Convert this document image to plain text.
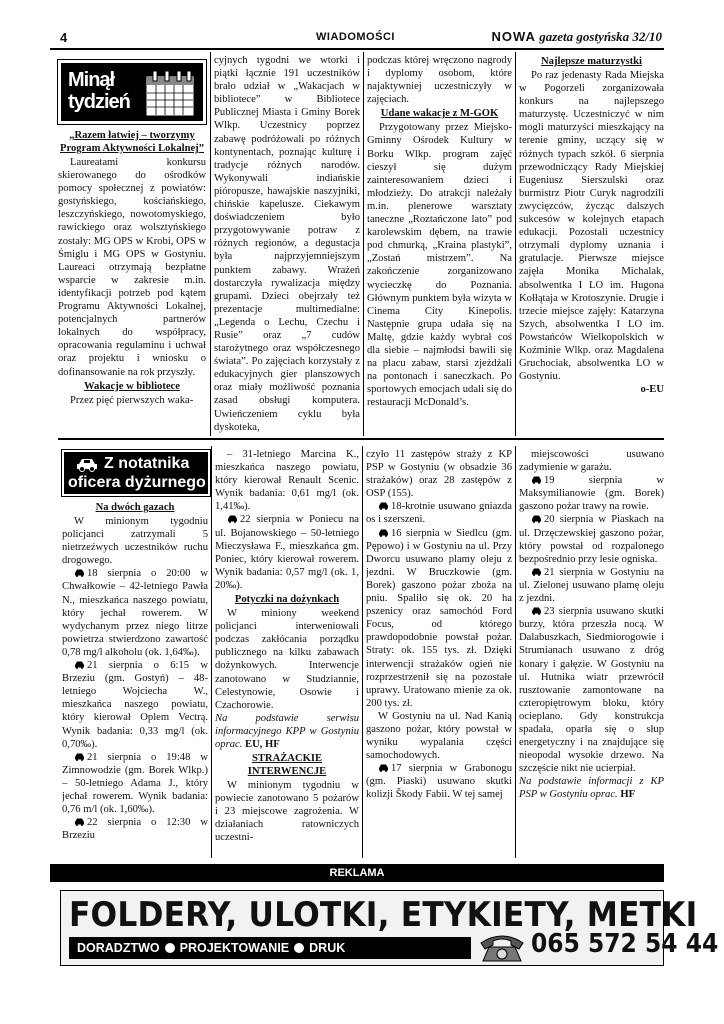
4	WIADOMOŚCI	NOWA gazeta gostyńska 32/10
Minął tydzień
„Razem łatwiej – tworzymy Program Aktywności Lokalnej”

Laureatami konkursu skierowanego do ośrodków pomocy społecznej z powiatów: gostyńskiego, kościańskiego, leszczyńskiego, nowotomyskiego, rawickiego oraz wolsztyńskiego zostały: MG OPS w Krobi, OPS w Śmiglu i MG OPS w Gostyniu. Laureaci otrzymają bezpłatne wsparcie w zakresie m.in. identyfikacji potrzeb pod kątem Programu Aktywności Lokalnej, potencjalnych partnerów lokalnych do współpracy, opracowania regulaminu i uchwał oraz projektu i wniosku o dofinansowanie na rok przyszły.

Wakacje w bibliotece

Przez pięć pierwszych waka-

cyjnych tygodni we wtorki i piątki łącznie 191 uczestników brało udział w „Wakacjach w bibliotece” w Bibliotece Publicznej Miasta i Gminy Borek Wlkp. Uczestnicy poprzez zabawę podróżowali po różnych kontynentach, poznając kulturę i tradycje różnych narodów. Wykonywali indiańskie pióropusze, hawajskie naszyjniki, chińskie kapelusze. Ciekawym doświadczeniem było przygotowywanie potraw z różnych regionów, a degustacja była najprzyjemniejszym punktem zabawy. Wrażeń dostarczyła rywalizacja między grupami. Dzieci obejrzały też prezentacje multimedialne: „Legenda o Lechu, Czechu i Rusie” oraz „7 cudów starożytnego oraz współczesnego świata”. Po zajęciach korzystały z edukacyjnych gier planszowych oraz miały możliwość poznania zasad obsługi komputera. Uwieńczeniem cyklu była dyskoteka,

podczas której wręczono nagrody i dyplomy osobom, które najaktywniej uczestniczyły w zajęciach.

Udane wakacje z M-GOK

Przygotowany przez Miejsko-Gminny Ośrodek Kultury w Borku Wlkp. program zajęć cieszył się dużym zainteresowaniem dzieci i młodzieży. Do atrakcji należały m.in. plenerowe warsztaty taneczne „Roztańczone lato” pod karolewskim dębem, na trawie pod chmurką, „Kraina plastyki”, „Zostań mistrzem”. Na zakończenie zorganizowano wycieczkę do Poznania. Głównym punktem była wizyta w Cinema City Kinepolis. Następnie grupa udała się na Maltę, gdzie każdy wybrał coś dla siebie – najmłodsi bawili się na placu zabaw, starsi zjeżdżali na pontonach i saneczkach. Po sportowych emocjach udali się do restauracji McDonald’s.

Najlepsze maturzystki

Po raz jedenasty Rada Miejska w Pogorzeli zorganizowała konkurs na najlepszego maturzystę. Uczestniczyć w nim mogli maturzyści mieszkający na terenie gminy, uczący się w różnych typach szkół. 6 sierpnia przewodniczący Rady Miejskiej Eugeniusz Sierszulski oraz burmistrz Piotr Curyk nagrodzili zwycięzców, życząc dalszych sukcesów w kolejnych etapach edukacji. Pozostali uczestnicy otrzymali dyplomy uznania i gratulacje. Pierwsze miejsce zajęła Monika Michalak, absolwentka I LO im. Hugona Kołłątaja w Krotoszynie. Drugie i trzecie miejsce zajęły: Katarzyna Szych, absolwentka I LO im. Powstańców Wielkopolskich w Koźminie Wlkp. oraz Magdalena Gruchociak, absolwentka LO w Gostyniu.

o-EU
Z notatnika
oficera dyżurnego
Na dwóch gazach

W minionym tygodniu policjanci zatrzymali 5 nietrzeźwych uczestników ruchu drogowego.

18 sierpnia o 20:00 w Chwałkowie – 42-letniego Pawła N., mieszkańca naszego powiatu, który jechał rowerem. W wydychanym przez niego litrze powietrza stwierdzono zawartość 0,78 mg/l alkoholu (ok. 1,64‰).

21 sierpnia o 6:15 w Brzeziu (gm. Gostyń) – 48-letniego Wojciecha W., mieszkańca naszego powiatu, który kierował Oplem Vectrą. Wynik badania: 0,33 mg/l (ok. 0,70‰).

21 sierpnia o 19:48 w Zimnowodzie (gm. Borek Wlkp.) – 50-letniego Adama J., który jechał rowerem. Wynik badania: 0,76 m/l (ok. 1,60‰).

22 sierpnia o 12:30 w Brzeziu

– 31-letniego Marcina K., mieszkańca naszego powiatu, który kierował Renault Scenic. Wynik badania: 0,61 mg/l (ok. 1,41‰).

22 sierpnia w Poniecu na ul. Bojanowskiego – 50-letniego Mieczysława F., mieszkańca gm. Poniec, który kierował rowerem. Wynik badania: 0,57 mg/l (ok. 1, 20‰).

Potyczki na dożynkach

W miniony weekend policjanci interweniowali podczas zakłócania porządku publicznego na kilku zabawach dożynkowych. Interwencje zanotowano w Studziannie, Celestynowie, Osowie i Czachorowie.

Na podstawie serwisu informacyjnego KPP w Gostyniu oprac. EU, HF

STRAŻACKIE INTERWENCJE

W minionym tygodniu w powiecie zanotowano 5 pożarów i 23 miejscowe zagrożenia. W działaniach ratowniczych uczestni-

czyło 11 zastępów straży z KP PSP w Gostyniu (w obsadzie 36 strażaków) oraz 28 zastępów z OSP (155).

18-krotnie usuwano gniazda os i szerszeni.

16 sierpnia w Siedlcu (gm. Pępowo) i w Gostyniu na ul. Przy Dworcu usuwano plamy oleju z jezdni. W Bruczkowie (gm. Borek) gaszono pożar zboża na pniu. Spaliło się ok. 20 ha pszenicy oraz samochód Ford Focus, od którego prawdopodobnie powstał pożar. Straty: ok. 155 tys. zł. Dzięki interwencji strażaków ogień nie rozprzestrzenił się na pozostałe uprawy. Uratowano mienie za ok. 200 tys. zł.

W Gostyniu na ul. Nad Kanią gaszono pożar, który powstał w wyniku wypalania części samochodowych.

17 sierpnia w Grabonogu (gm. Piaski) usuwano skutki kolizji Škody Fabii. W tej samej

miejscowości usuwano zadymienie w garażu.

19 sierpnia w Maksymilianowie (gm. Borek) gaszono pożar trawy na rowie.

20 sierpnia w Piaskach na ul. Drzęczewskiej gaszono pożar, który powstał od rozpalonego bezpośrednio przy lesie ogniska.

21 sierpnia w Gostyniu na ul. Zielonej usuwano plamę oleju z jezdni.

23 sierpnia usuwano skutki burzy, która przeszła nocą. W Dalabuszkach, Siedmiorogowie i Strumianach usuwano z dróg konary i gałęzie. W Gostyniu na ul. Hutnika wiatr przewrócił rusztowanie zamontowane na czteropiętrowym bloku, który ocieplano. Gdy konstrukcja spadała, oparła się o słup energetyczny i na znajdujące się nieopodal wysokie drzewo. Na szczęście nikt nie ucierpiał.

Na podstawie informacji z KP PSP w Gostyniu oprac. HF

REKLAMA
FOLDERY, ULOTKI, ETYKIETY, METKI
DORADZTWO PROJEKTOWANIE DRUK	065 572 54 44
